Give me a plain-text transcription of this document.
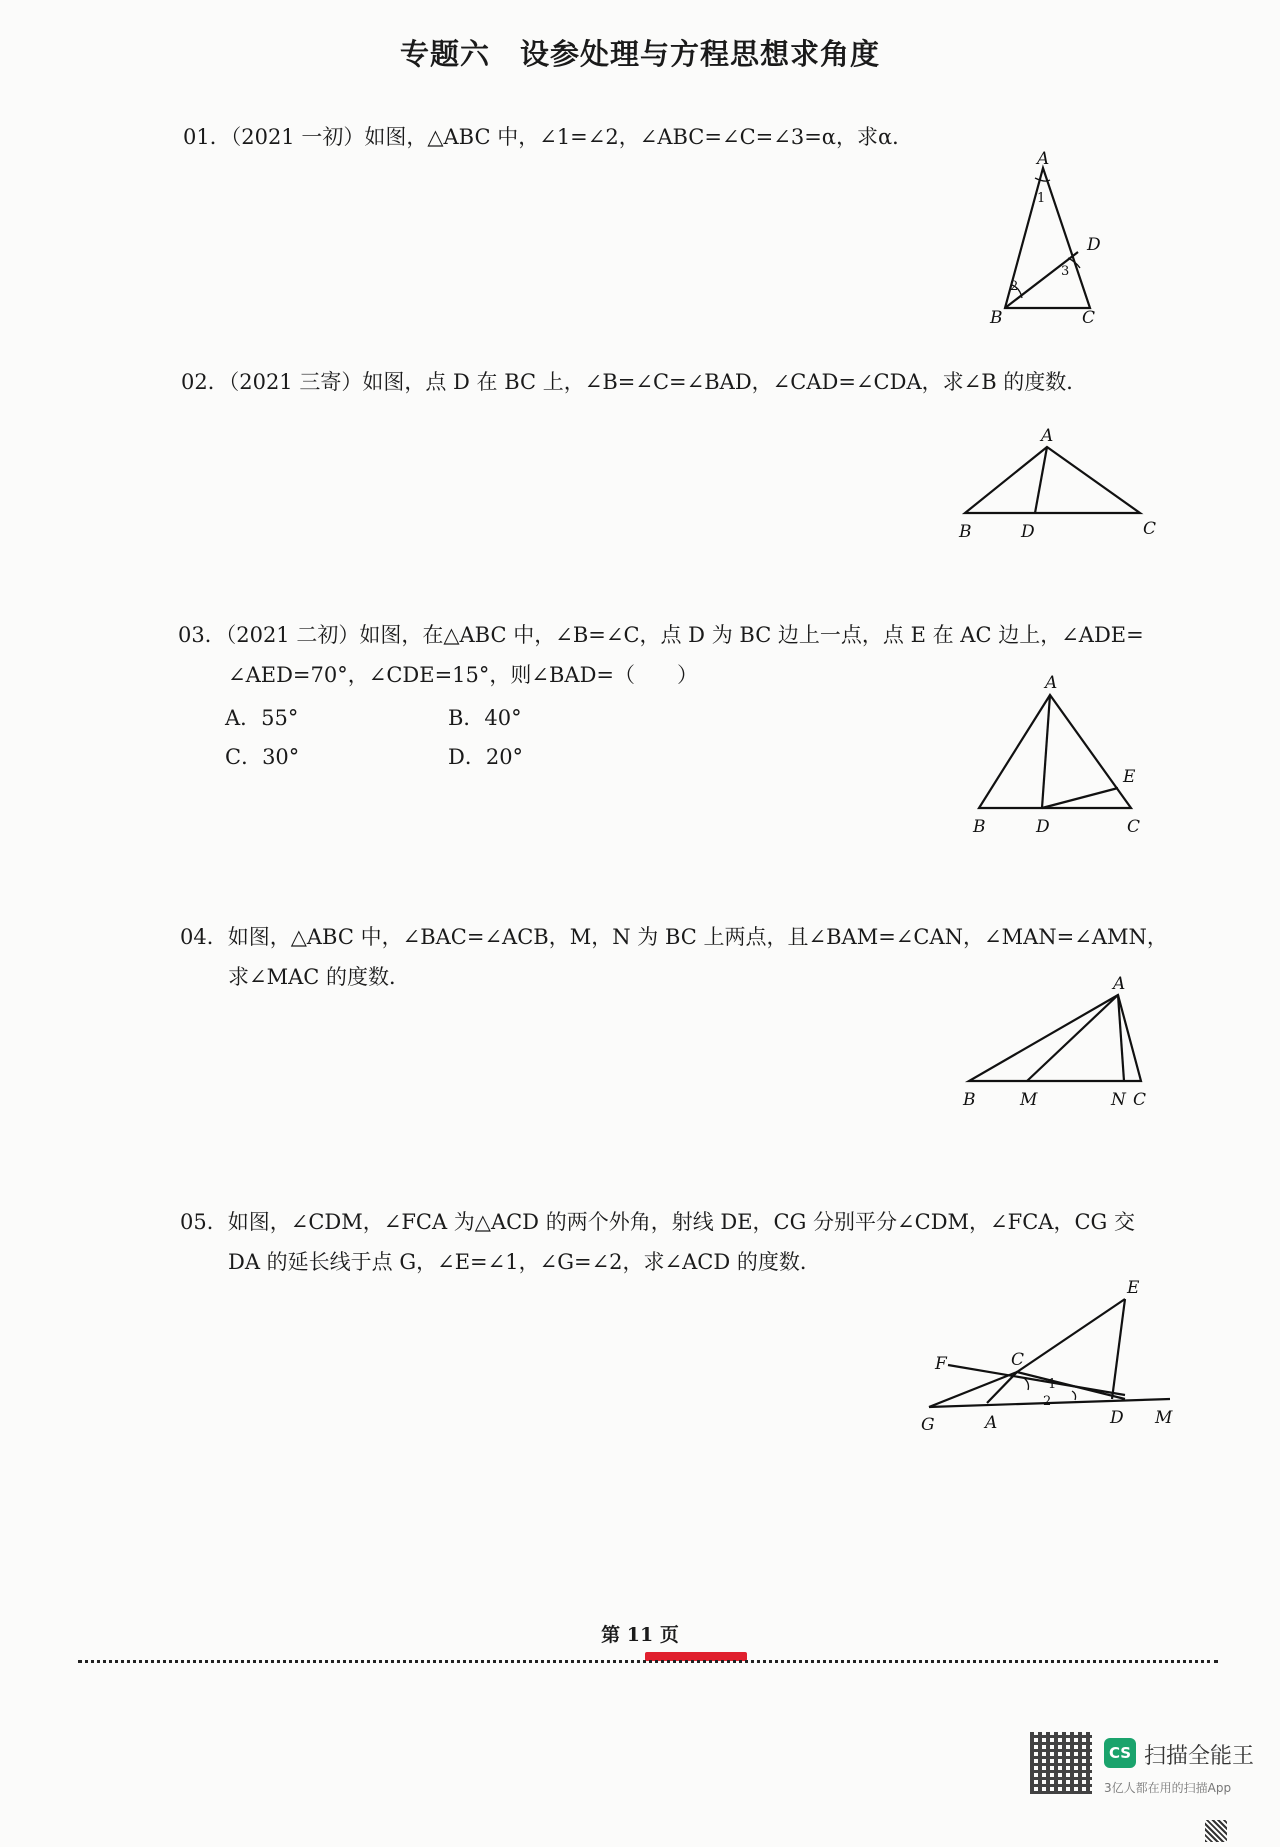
专题六　设参处理与方程思想求角度
01．（2021 一初）如图，△ABC 中，∠1=∠2，∠ABC=∠C=∠3=α，求α．
A
B	C
D
1
2
3
02．（2021 三寄）如图，点 D 在 BC 上，∠B=∠C=∠BAD，∠CAD=∠CDA，求∠B 的度数．
A
B	D	C
03．（2021 二初）如图，在△ABC 中，∠B=∠C，点 D 为 BC 边上一点，点 E 在 AC 边上，∠ADE=
∠AED=70°，∠CDE=15°，则∠BAD=（　　）
A．55°	B．40°
C．30°	D．20°
A
B	D	C
E
04．如图，△ABC 中，∠BAC=∠ACB，M，N 为 BC 上两点，且∠BAM=∠CAN，∠MAN=∠AMN，
求∠MAC 的度数．	A
B	M	N C
05．如图，∠CDM，∠FCA 为△ACD 的两个外角，射线 DE，CG 分别平分∠CDM，∠FCA，CG 交
DA 的延长线于点 G，∠E=∠1，∠G=∠2，求∠ACD 的度数．
E
F	C
G	A	D M
1
2
第 11 页
CS 扫描全能王
3亿人都在用的扫描App
